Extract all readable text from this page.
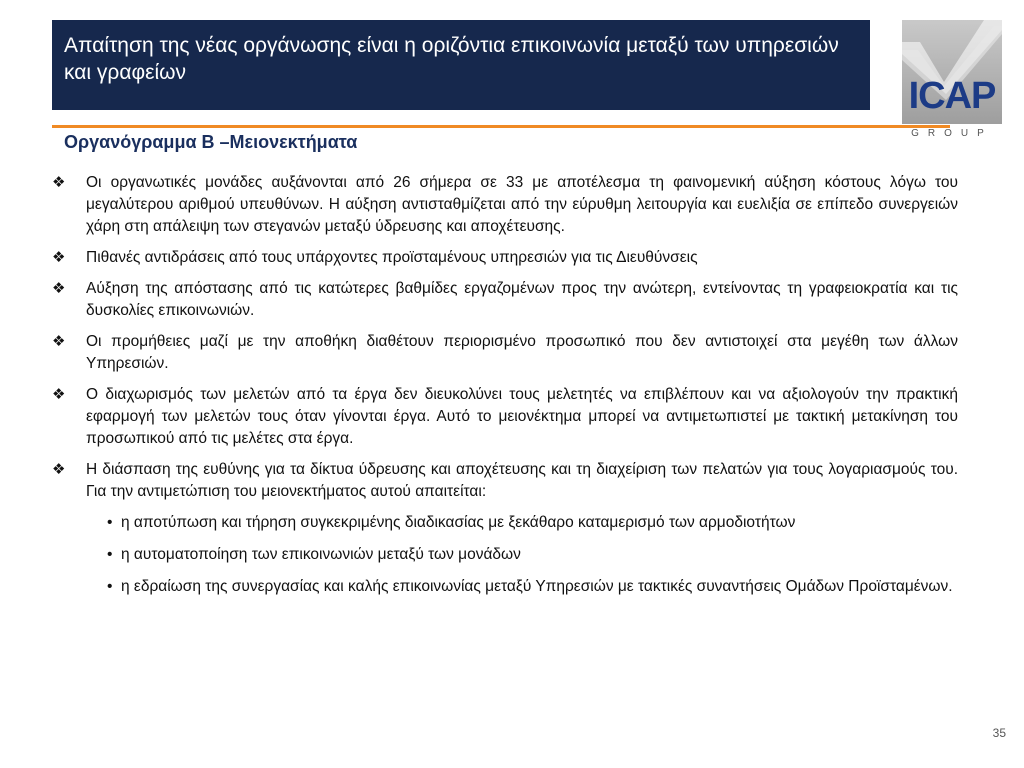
Απαίτηση της νέας οργάνωσης είναι η οριζόντια επικοινωνία μεταξύ των υπηρεσιών και γραφείων
ICAP
GROUP
Οργανόγραμμα Β –Μειονεκτήματα
❖	Οι οργανωτικές μονάδες αυξάνονται από 26 σήμερα σε 33 με αποτέλεσμα τη φαινομενική αύξηση κόστους λόγω του μεγαλύτερου αριθμού υπευθύνων. Η αύξηση αντισταθμίζεται από την εύρυθμη λειτουργία και ευελιξία σε επίπεδο συνεργειών χάρη στη απάλειψη των στεγανών μεταξύ ύδρευσης και αποχέτευσης.
❖	Πιθανές αντιδράσεις από τους υπάρχοντες προϊσταμένους υπηρεσιών για τις Διευθύνσεις
❖	Αύξηση της απόστασης από τις κατώτερες βαθμίδες εργαζομένων προς την ανώτερη, εντείνοντας τη γραφειοκρατία και τις δυσκολίες επικοινωνιών.
❖	Οι προμήθειες μαζί με την αποθήκη διαθέτουν περιορισμένο προσωπικό που δεν αντιστοιχεί στα μεγέθη των άλλων Υπηρεσιών.
❖	Ο διαχωρισμός των μελετών από τα έργα δεν διευκολύνει τους μελετητές να επιβλέπουν και να αξιολογούν την πρακτική εφαρμογή των μελετών τους όταν γίνονται έργα. Αυτό το μειονέκτημα μπορεί να αντιμετωπιστεί με τακτική μετακίνηση του προσωπικού από τις μελέτες στα έργα.
❖	Η διάσπαση της ευθύνης για τα δίκτυα ύδρευσης και αποχέτευσης και τη διαχείριση των πελατών για τους λογαριασμούς του. Για την αντιμετώπιση του μειονεκτήματος αυτού απαιτείται:
• η αποτύπωση και τήρηση συγκεκριμένης διαδικασίας με ξεκάθαρο καταμερισμό των αρμοδιοτήτων
• η αυτοματοποίηση των επικοινωνιών μεταξύ των μονάδων
• η εδραίωση της συνεργασίας και καλής επικοινωνίας μεταξύ Υπηρεσιών με τακτικές συναντήσεις Ομάδων Προϊσταμένων.
35
